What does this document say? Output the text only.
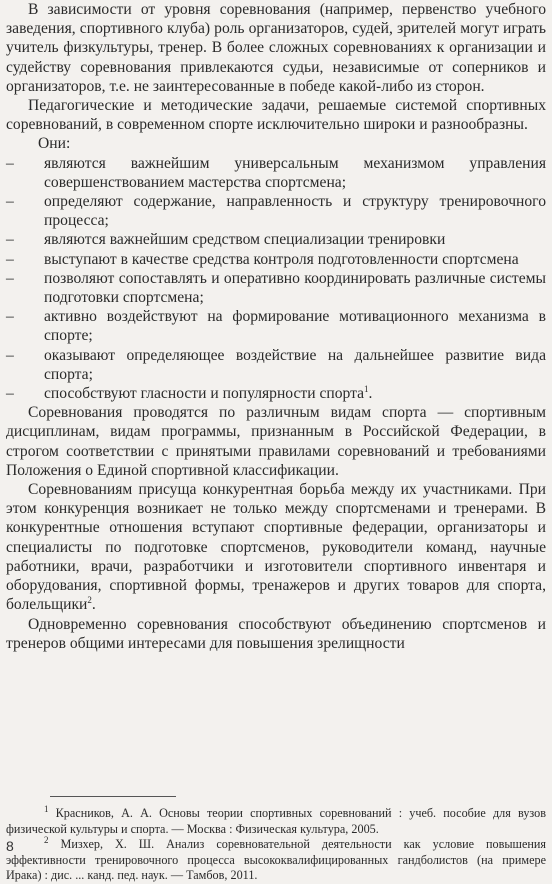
В зависимости от уровня соревнования (например, первенство учебного заведения, спортивного клуба) роль организаторов, судей, зрителей могут играть учитель физкультуры, тренер. В более сложных соревнованиях к организации и судейству соревнования привлекаются судьи, независимые от соперников и организаторов, т.е. не заинтересованные в победе какой-либо из сторон.

Педагогические и методические задачи, решаемые системой спортивных соревнований, в современном спорте исключительно широки и разнообразны.

Они:

– являются важнейшим универсальным механизмом управления совершенствованием мастерства спортсмена;
– определяют содержание, направленность и структуру тренировочного процесса;
– являются важнейшим средством специализации тренировки
– выступают в качестве средства контроля подготовленности спортсмена
– позволяют сопоставлять и оперативно координировать различные системы подготовки спортсмена;
– активно воздействуют на формирование мотивационного механизма в спорте;
– оказывают определяющее воздействие на дальнейшее развитие вида спорта;
– способствуют гласности и популярности спорта$^1$.

Соревнования проводятся по различным видам спорта — спортивным дисциплинам, видам программы, признанным в Российской Федерации, в строгом соответствии с принятыми правилами соревнований и требованиями Положения о Единой спортивной классификации.

Соревнованиям присуща конкурентная борьба между их участниками. При этом конкуренция возникает не только между спортсменами и тренерами. В конкурентные отношения вступают спортивные федерации, организаторы и специалисты по подготовке спортсменов, руководители команд, научные работники, врачи, разработчики и изготовители спортивного инвентаря и оборудования, спортивной формы, тренажеров и других товаров для спорта, болельщики$^2$.

Одновременно соревнования способствуют объединению спортсменов и тренеров общими интересами для повышения зрелищности

$^1$ Красников, А. А. Основы теории спортивных соревнований : учеб. пособие для вузов физической культуры и спорта. — Москва : Физическая культура, 2005.

$^2$ Мизхер, Х. Ш. Анализ соревновательной деятельности как условие повышения эффективности тренировочного процесса высококвалифицированных гандболистов (на примере Ирака) : дис. ... канд. пед. наук. — Тамбов, 2011.

8
